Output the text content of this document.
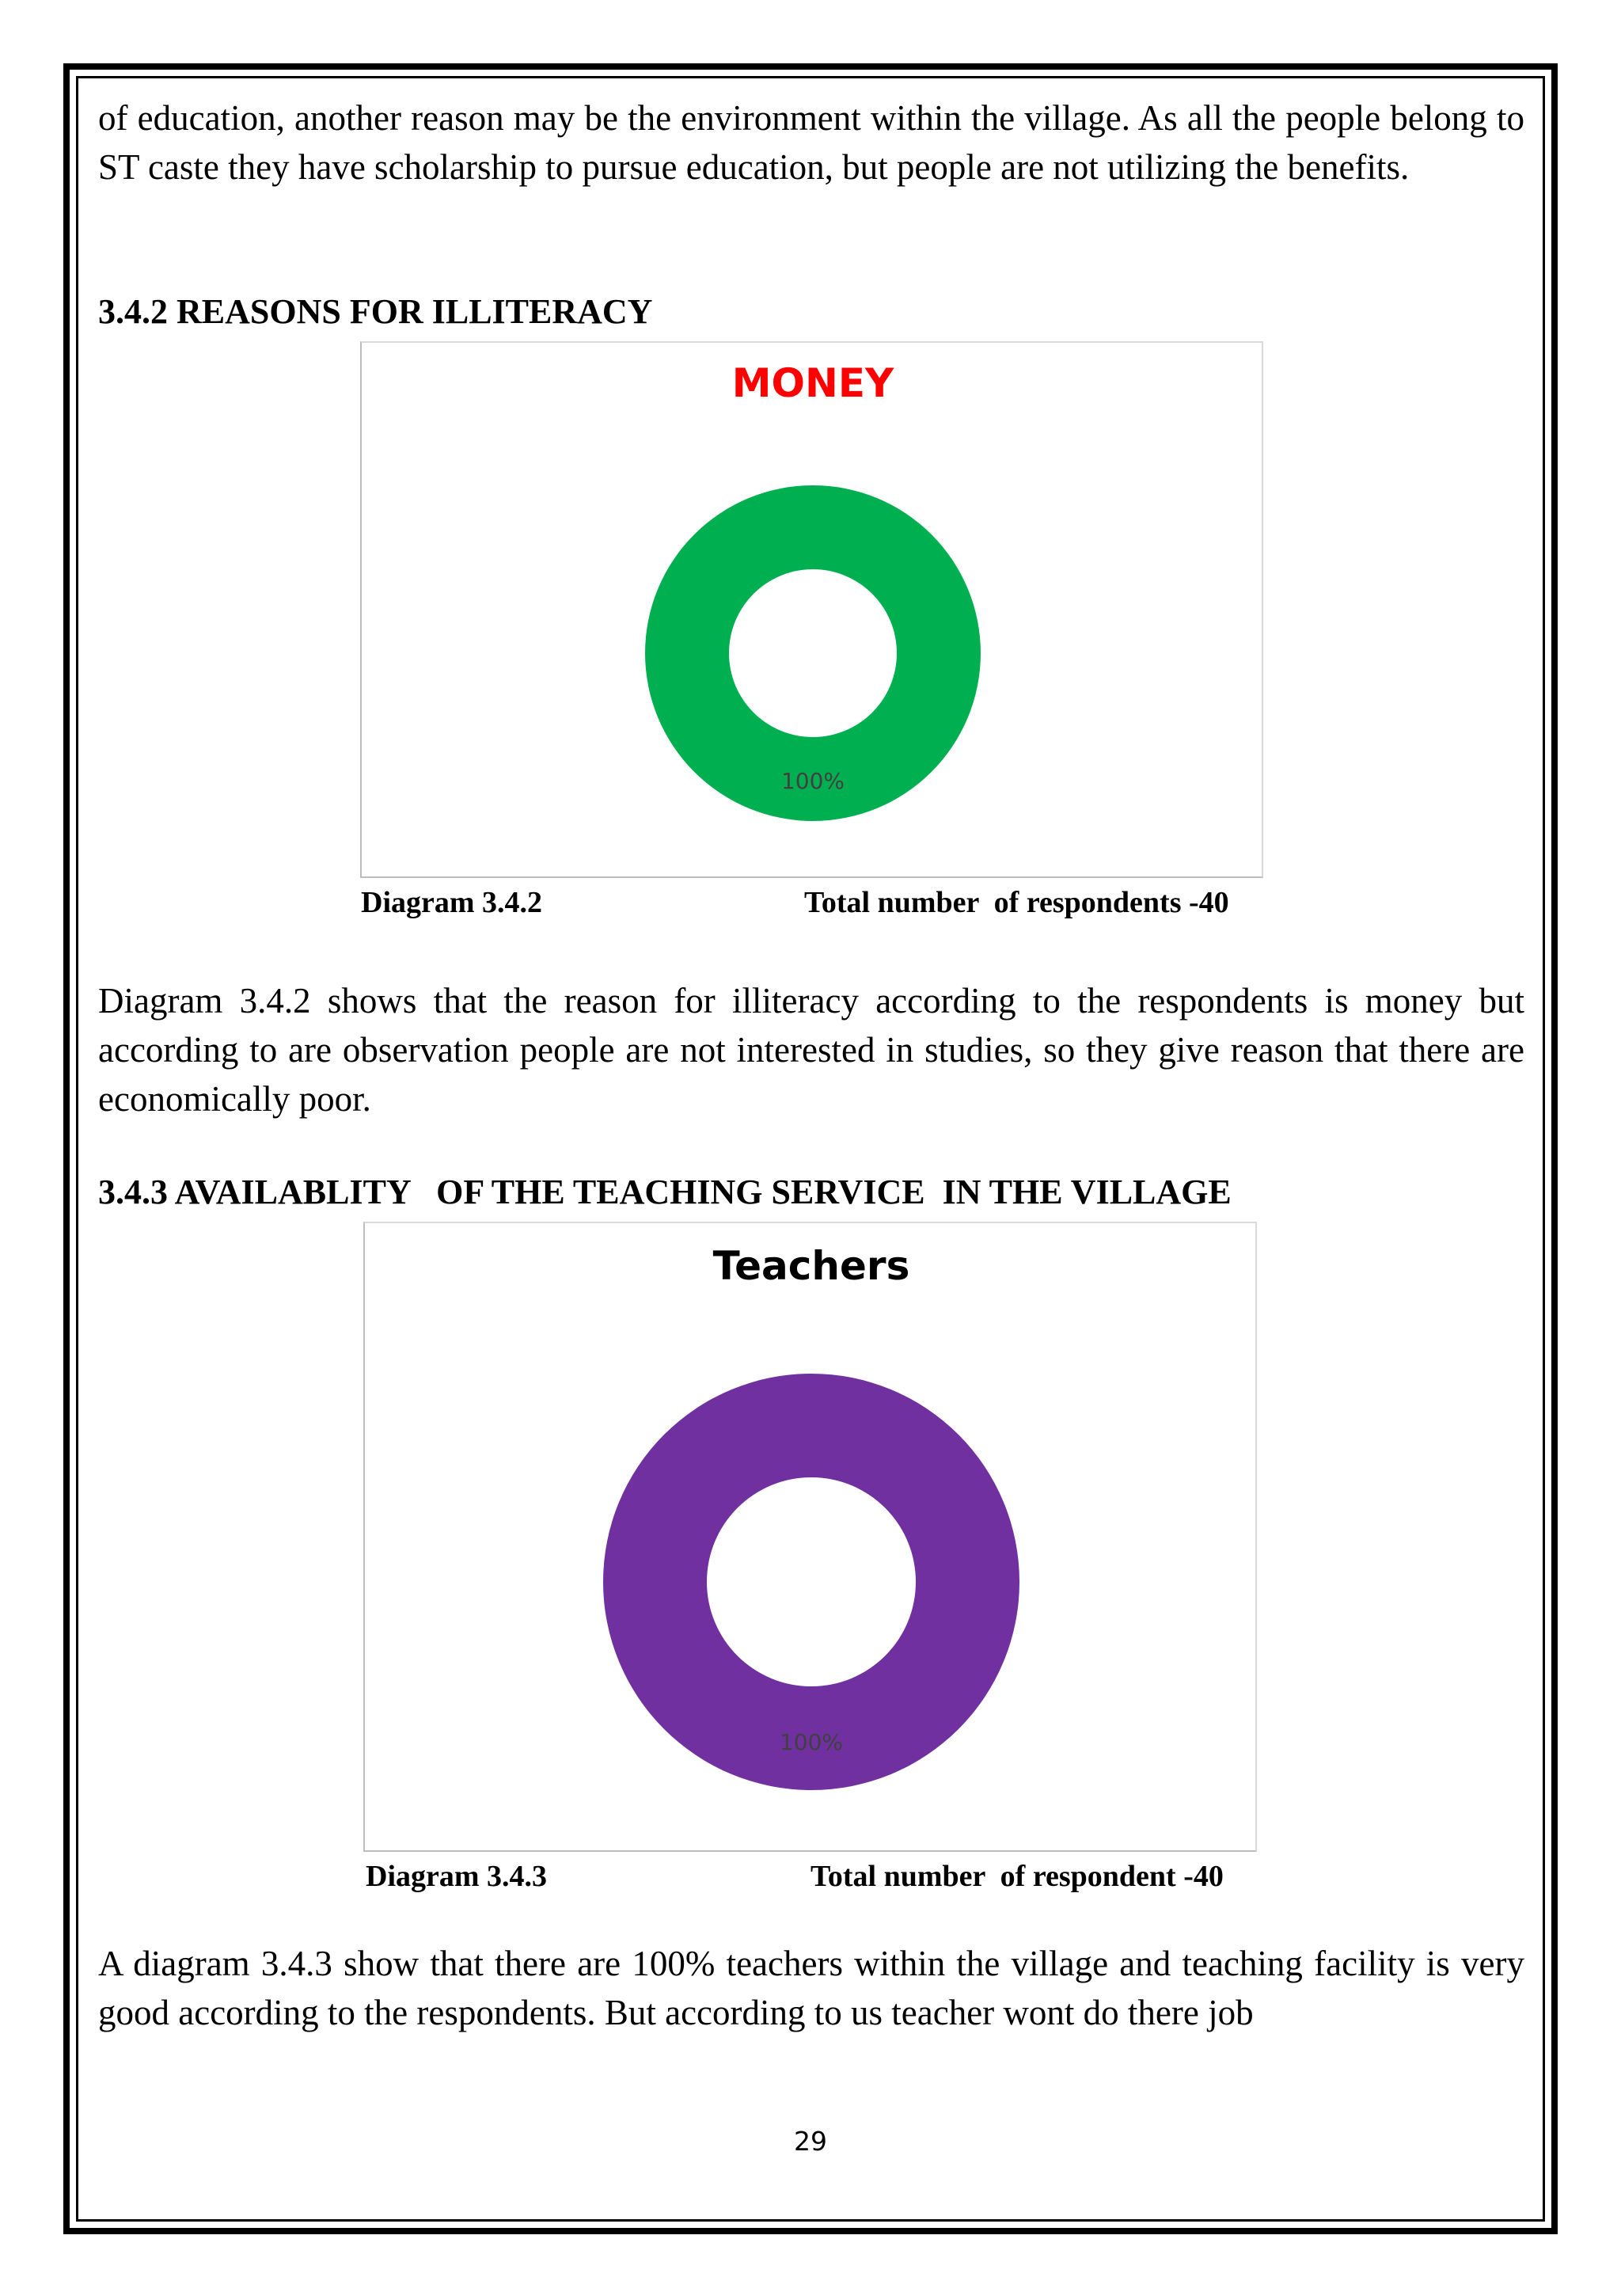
of education, another reason may be the environment within the village. As all the people belong to ST caste they have scholarship to pursue education, but people are not utilizing the benefits.
3.4.2 REASONS FOR ILLITERACY
MONEY
100%
Diagram 3.4.2	Total number  of respondents -40
Diagram 3.4.2 shows that the reason for illiteracy according to the respondents is money but according to are observation people are not interested in studies, so they give reason that there are economically poor.
3.4.3 AVAILABLITY   OF THE TEACHING SERVICE  IN THE VILLAGE
Teachers
100%
Diagram 3.4.3	Total number  of respondent -40
A diagram 3.4.3 show that there are 100% teachers within the village and teaching facility is very good according to the respondents. But according to us teacher wont do there job
29
